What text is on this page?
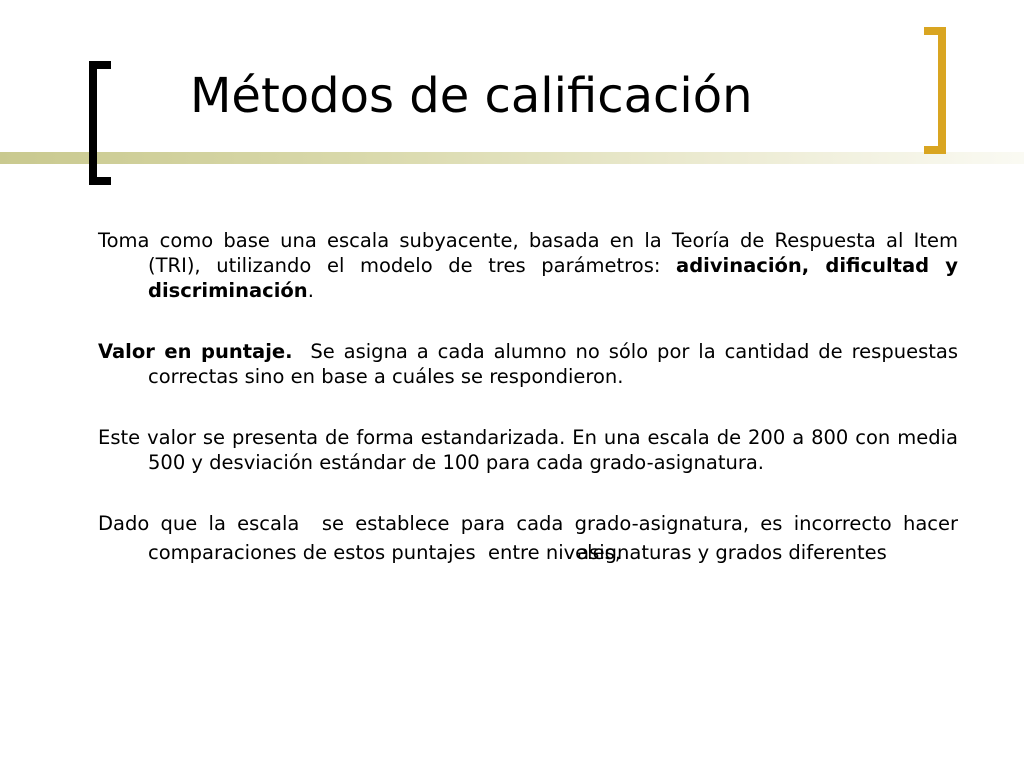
Métodos de calificación

Toma como base una escala subyacente, basada en la Teoría de Respuesta al Item (TRI), utilizando el modelo de tres parámetros: adivinación, dificultad y discriminación.

Valor en puntaje.  Se asigna a cada alumno no sólo por la cantidad de respuestas correctas sino en base a cuáles se respondieron.

Este valor se presenta de forma estandarizada. En una escala de 200 a 800 con media 500 y desviación estándar de 100 para cada grado-asignatura.

Dado que la escala  se establece para cada grado-asignatura, es incorrecto hacer comparaciones de estos puntajes  entre niveles, asignaturas y grados diferentes
